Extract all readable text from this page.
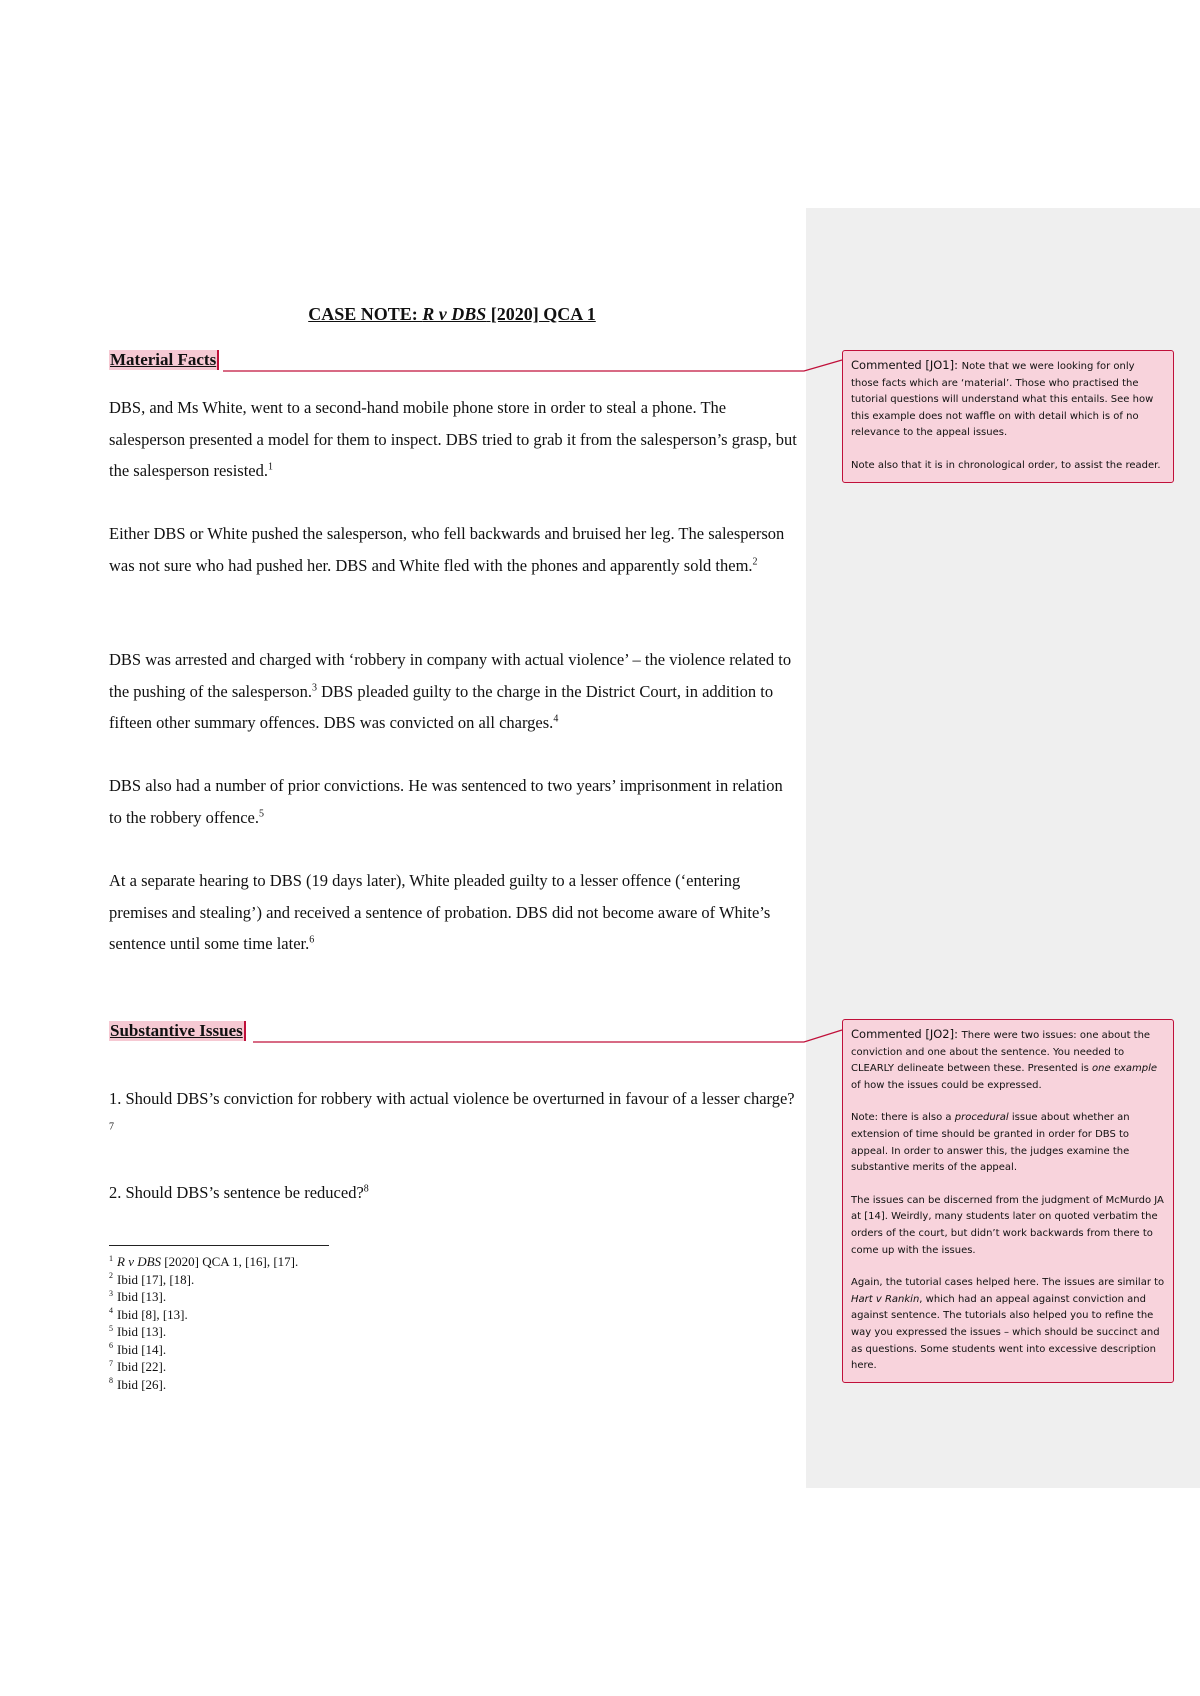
CASE NOTE: R v DBS [2020] QCA 1
Material Facts
DBS, and Ms White, went to a second-hand mobile phone store in order to steal a phone. The salesperson presented a model for them to inspect. DBS tried to grab it from the salesperson’s grasp, but the salesperson resisted.$^1$
Either DBS or White pushed the salesperson, who fell backwards and bruised her leg. The salesperson was not sure who had pushed her. DBS and White fled with the phones and apparently sold them.$^2$
DBS was arrested and charged with ‘robbery in company with actual violence’ – the violence related to the pushing of the salesperson.$^3$ DBS pleaded guilty to the charge in the District Court, in addition to fifteen other summary offences. DBS was convicted on all charges.$^4$
DBS also had a number of prior convictions. He was sentenced to two years’ imprisonment in relation to the robbery offence.$^5$
At a separate hearing to DBS (19 days later), White pleaded guilty to a lesser offence (‘entering premises and stealing’) and received a sentence of probation. DBS did not become aware of White’s sentence until some time later.$^6$
Substantive Issues
1. Should DBS’s conviction for robbery with actual violence be overturned in favour of a lesser charge?$^7$
2. Should DBS’s sentence be reduced?$^8$
$^1$ R v DBS [2020] QCA 1, [16], [17].
$^2$ Ibid [17], [18].
$^3$ Ibid [13].
$^4$ Ibid [8], [13].
$^5$ Ibid [13].
$^6$ Ibid [14].
$^7$ Ibid [22].
$^8$ Ibid [26].

Commented [JO1]: Note that we were looking for only those facts which are ‘material’. Those who practised the tutorial questions will understand what this entails. See how this example does not waffle on with detail which is of no relevance to the appeal issues.

Note also that it is in chronological order, to assist the reader.

Commented [JO2]: There were two issues: one about the conviction and one about the sentence. You needed to CLEARLY delineate between these. Presented is one example of how the issues could be expressed.

Note: there is also a procedural issue about whether an extension of time should be granted in order for DBS to appeal. In order to answer this, the judges examine the substantive merits of the appeal.

The issues can be discerned from the judgment of McMurdo JA at [14]. Weirdly, many students later on quoted verbatim the orders of the court, but didn’t work backwards from there to come up with the issues.

Again, the tutorial cases helped here. The issues are similar to Hart v Rankin, which had an appeal against conviction and against sentence. The tutorials also helped you to refine the way you expressed the issues – which should be succinct and as questions. Some students went into excessive description here.
